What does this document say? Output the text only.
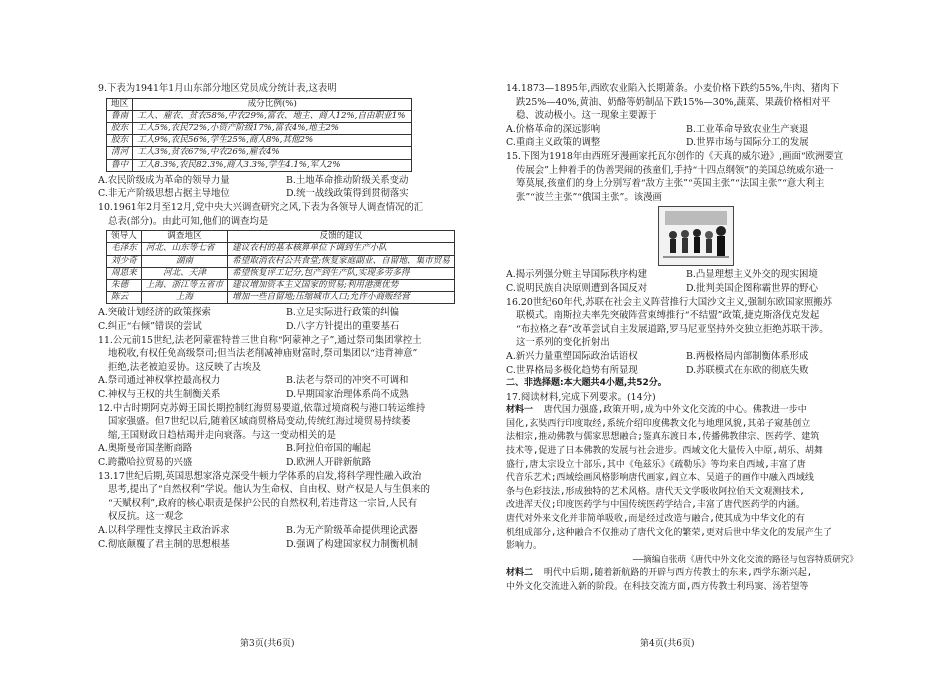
9.下表为1941年1月山东部分地区党员成分统计表,这表明

地区	成分比例(%)
鲁南	工人、雇农、贫农58%,中农29%,富农、地主、商人12%,自由职业1%
胶东	工人5%,农民72%,小资产阶级17%,富农4%,地主2%
胶东	工人9%,农民56%,学生25%,商人8%,其他2%
清河	工人3%,贫农67%,中农26%,雇农4%
鲁中	工人8.3%,农民82.3%,商人3.3%,学生4.1%,军人2%
A.农民阶级成为革命的领导力量	B.土地革命推动阶级关系变动
C.非无产阶级思想占据主导地位	D.统一战线政策得到贯彻落实

10.1961年2月至12月,党中央大兴调查研究之风,下表为各领导人调查情况的汇

总表(部分)。由此可知,他们的调查均是

领导人	调查地区	反馈的建议
毛泽东	河北、山东等七省	建议农村的基本核算单位下调到生产小队
刘少奇	湖南	希望取消农村公共食堂;恢复家庭副业、自留地、集市贸易
周恩来	河北、天津	希望恢复评工记分,包产到生产队,实现多劳多得
朱德	上海、浙江等五省市	建议增加资本主义国家的贸易;利用港澳优势
陈云	上海	增加一些自留地;压缩城市人口;允许小商贩经营
A.突破计划经济的政策探索	B.立足实际进行政策的纠偏
C.纠正“右倾”错误的尝试	D.八字方针提出的重要基石

11.公元前15世纪,法老阿蒙霍特普三世自称“阿蒙神之子”,通过祭司集团掌控土

地税收,有权任免高级祭司;但当法老削减神庙财富时,祭司集团以“违背神意”

拒绝,法老被迫妥协。这反映了古埃及

A.祭司通过神权掌控最高权力	B.法老与祭司的冲突不可调和
C.神权与王权的共生制衡关系	D.早期国家治理体系尚不成熟

12.中古时期阿克苏姆王国长期控制红海贸易要道,依靠过境商税与港口转运维持

国家强盛。但7世纪以后,随着区域商贸格局变动,传统红海过境贸易持续萎

缩,王国财政日趋枯竭并走向衰落。与这一变动相关的是

A.奥斯曼帝国垄断商路	B.阿拉伯帝国的崛起
C.跨撒哈拉贸易的兴盛	D.欧洲人开辟新航路

13.17世纪后期,英国思想家洛克深受牛顿力学体系的启发,将科学理性融入政治

思考,提出了“自然权利”学说。他认为生命权、自由权、财产权是人与生俱来的

“天赋权利”,政府的核心职责是保护公民的自然权利,若违背这一宗旨,人民有

权反抗。这一观念

A.以科学理性支撑民主政治诉求	B.为无产阶级革命提供理论武器
C.彻底颠覆了君主制的思想根基	D.强调了构建国家权力制衡机制
第3页(共6页)

14.1873—1895年,西欧农业陷入长期萧条。小麦价格下跌约55%,牛肉、猪肉下

跌25%—40%,黄油、奶酪等奶制品下跌15%—30%,蔬菜、果蔬价格相对平

稳、波动极小。这一现象主要源于

A.价格革命的深远影响	B.工业革命导致农业生产衰退
C.重商主义政策的调整	D.世界市场与国际分工的发展

15.下图为1918年由西班牙漫画家托瓦尔创作的《天真的威尔逊》,画面“欧洲要宣

传展会”上伸着手的伪善哭闹的孩童们,手持“十四点纲领”的美国总统威尔逊一

筹莫展,孩童们的身上分别写着“敌方主张”“英国主张”“法国主张”“意大利主

张”“波兰主张”“俄国主张”。该漫画

A.揭示列强分赃主导国际秩序构建	B.凸显理想主义外交的现实困境
C.说明民族自决原则遭到各国反对	D.批判美国企图称霸世界的野心

16.20世纪60年代,苏联在社会主义阵营推行大国沙文主义,强制东欧国家照搬苏

联模式。南斯拉夫率先突破阵营束缚推行“不结盟”政策,捷克斯洛伐克发起

“布拉格之春”改革尝试自主发展道路,罗马尼亚坚持外交独立拒绝苏联干涉。

这一系列的变化折射出

A.新兴力量重塑国际政治话语权	B.两极格局内部制衡体系形成
C.世界格局多极化趋势有所显现	D.苏联模式在东欧的彻底失败

二、非选择题:本大题共4小题,共52分。

17.阅读材料,完成下列要求。(14分)

材料一 唐代国力强盛,政策开明,成为中外文化交流的中心。佛教进一步中

国化,玄奘西行印度取经,系统介绍印度佛教文化与地理风貌,其弟子窥基创立

法相宗,推动佛教与儒家思想融合;鉴真东渡日本,传播佛教律宗、医药学、建筑

技术等,促进了日本佛教的发展与社会进步。西域文化大量传入中原,胡乐、胡舞

盛行,唐太宗设立十部乐,其中《龟兹乐》《疏勒乐》等均来自西域,丰富了唐

代音乐艺术;西域绘画风格影响唐代画家,阎立本、吴道子的画作中融入西域线

条与色彩技法,形成独特的艺术风格。唐代天文学吸收阿拉伯天文观测技术,

改进浑天仪;印度医药学与中国传统医药学结合,丰富了唐代医药学的内涵。

唐代对外来文化并非简单吸收,而是经过改造与融合,使其成为中华文化的有

机组成部分,这种融合不仅推动了唐代文化的繁荣,更对后世中华文化的发展产生了

影响力。

——摘编自张萌《唐代中外文化交流的路径与包容特质研究》

材料二 明代中后期,随着新航路的开辟与西方传教士的东来,西学东渐兴起,

中外文化交流进入新的阶段。在科技交流方面,西方传教士利玛窦、汤若望等

第4页(共6页)
